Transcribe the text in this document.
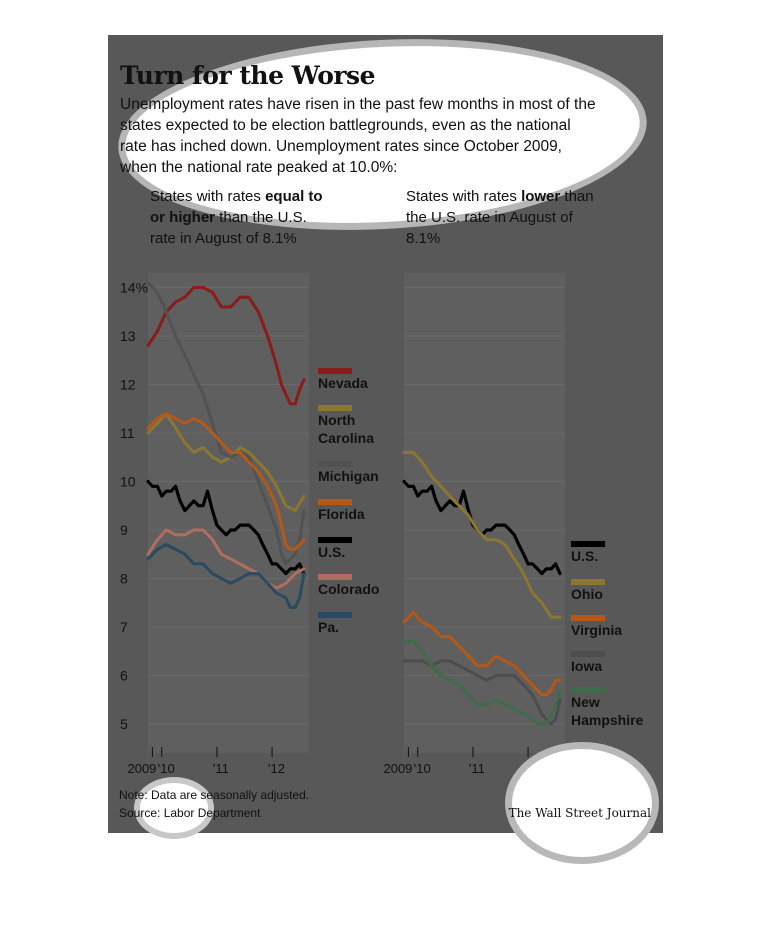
14%
13
12
11
10
9
8
7
6
5
2009 '10	'11	'12	2009 '10	'11
Nevada
North
Carolina
Michigan
Florida
U.S.
Colorado
Pa.
U.S.
Ohio
Virginia
Iowa
New
Hampshire
Turn for the Worse

Unemployment rates have risen in the past few months in most of the states expected to be election battlegrounds, even as the national rate has inched down. Unemployment rates since October 2009, when the national rate peaked at 10.0%:

States with rates equal to or higher than the U.S. rate in August of 8.1%
States with rates lower than the U.S. rate in August of 8.1%
Note: Data are seasonally adjusted.
Source: Labor Department	The Wall Street Journal
